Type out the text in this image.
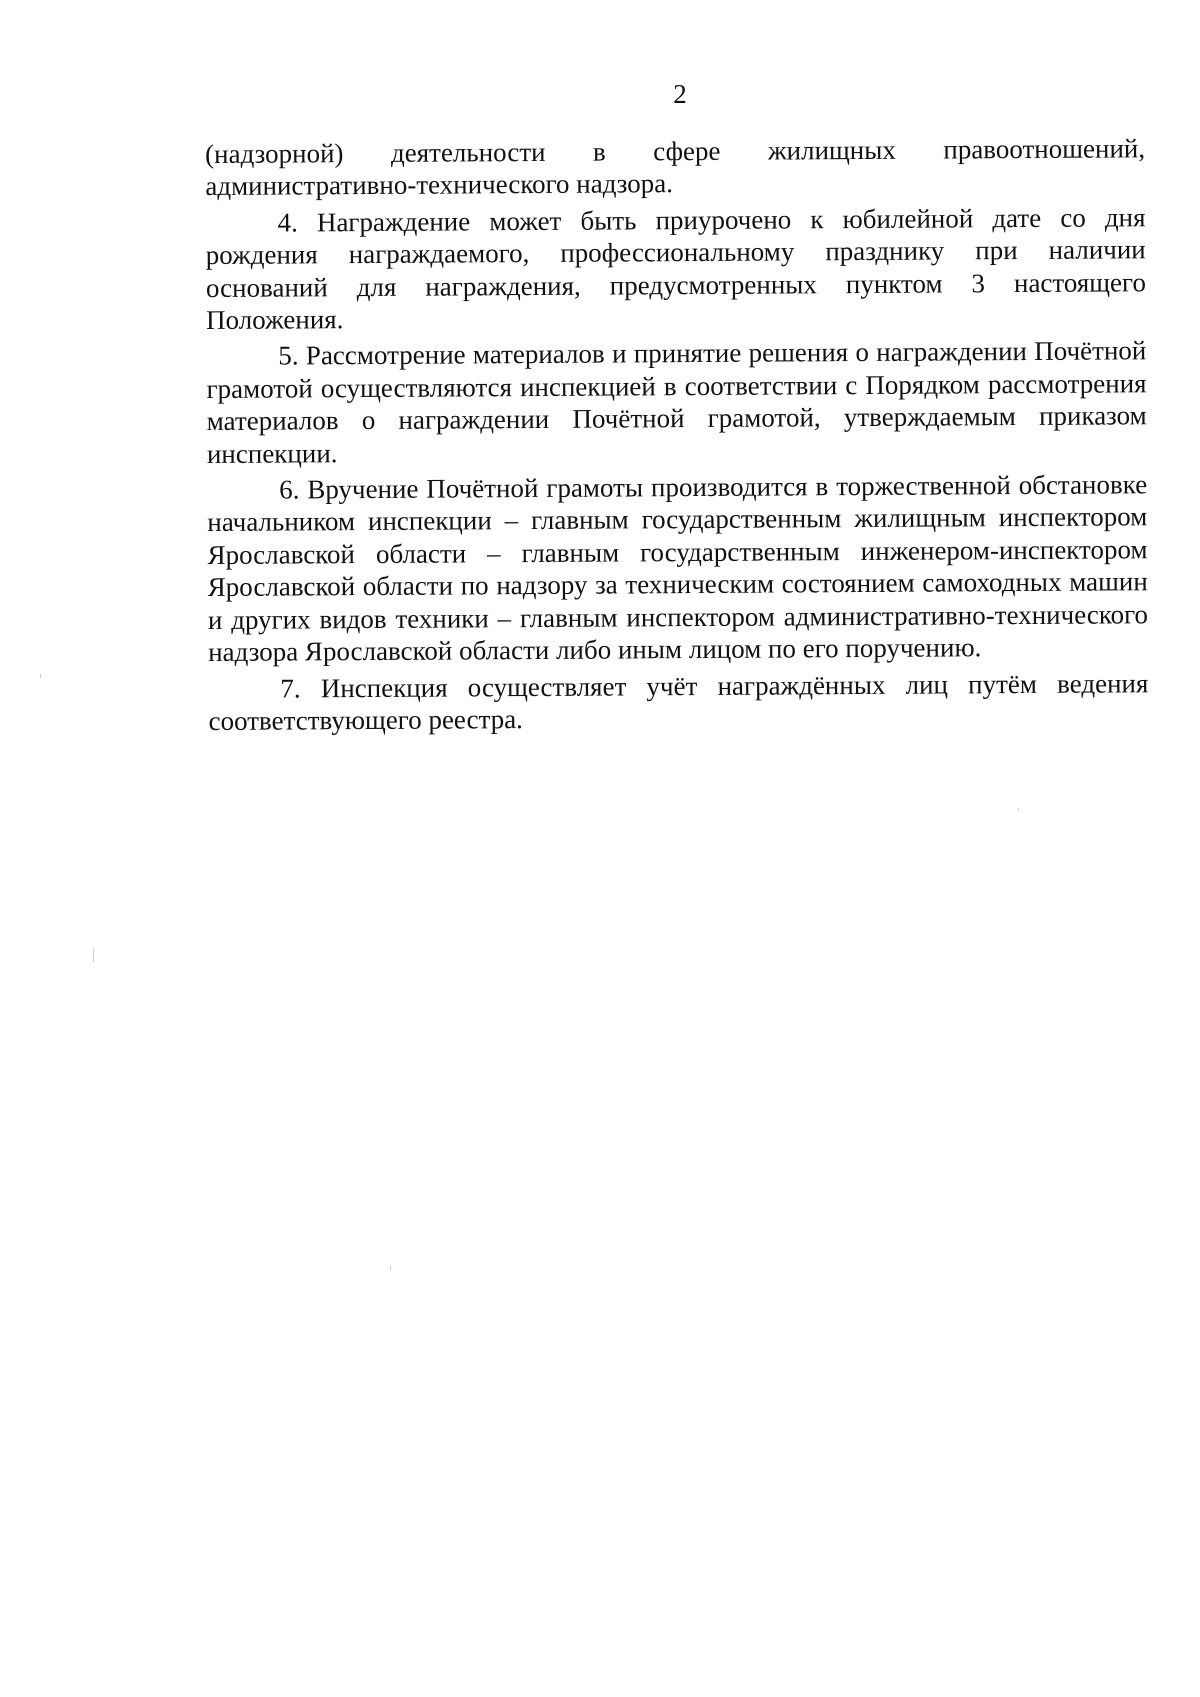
2

(надзорной) деятельности в сфере жилищных правоотношений, административно-технического надзора.

4. Награждение может быть приурочено к юбилейной дате со дня рождения награждаемого, профессиональному празднику при наличии оснований для награждения, предусмотренных пунктом 3 настоящего Положения.

5. Рассмотрение материалов и принятие решения о награждении Почётной грамотой осуществляются инспекцией в соответствии с Порядком рассмотрения материалов о награждении Почётной грамотой, утверждаемым приказом инспекции.

6. Вручение Почётной грамоты производится в торжественной обстановке начальником инспекции – главным государственным жилищным инспектором Ярославской области – главным государственным инженером-инспектором Ярославской области по надзору за техническим состоянием самоходных машин и других видов техники – главным инспектором административно-технического надзора Ярославской области либо иным лицом по его поручению.

7. Инспекция осуществляет учёт награждённых лиц путём ведения соответствующего реестра.
